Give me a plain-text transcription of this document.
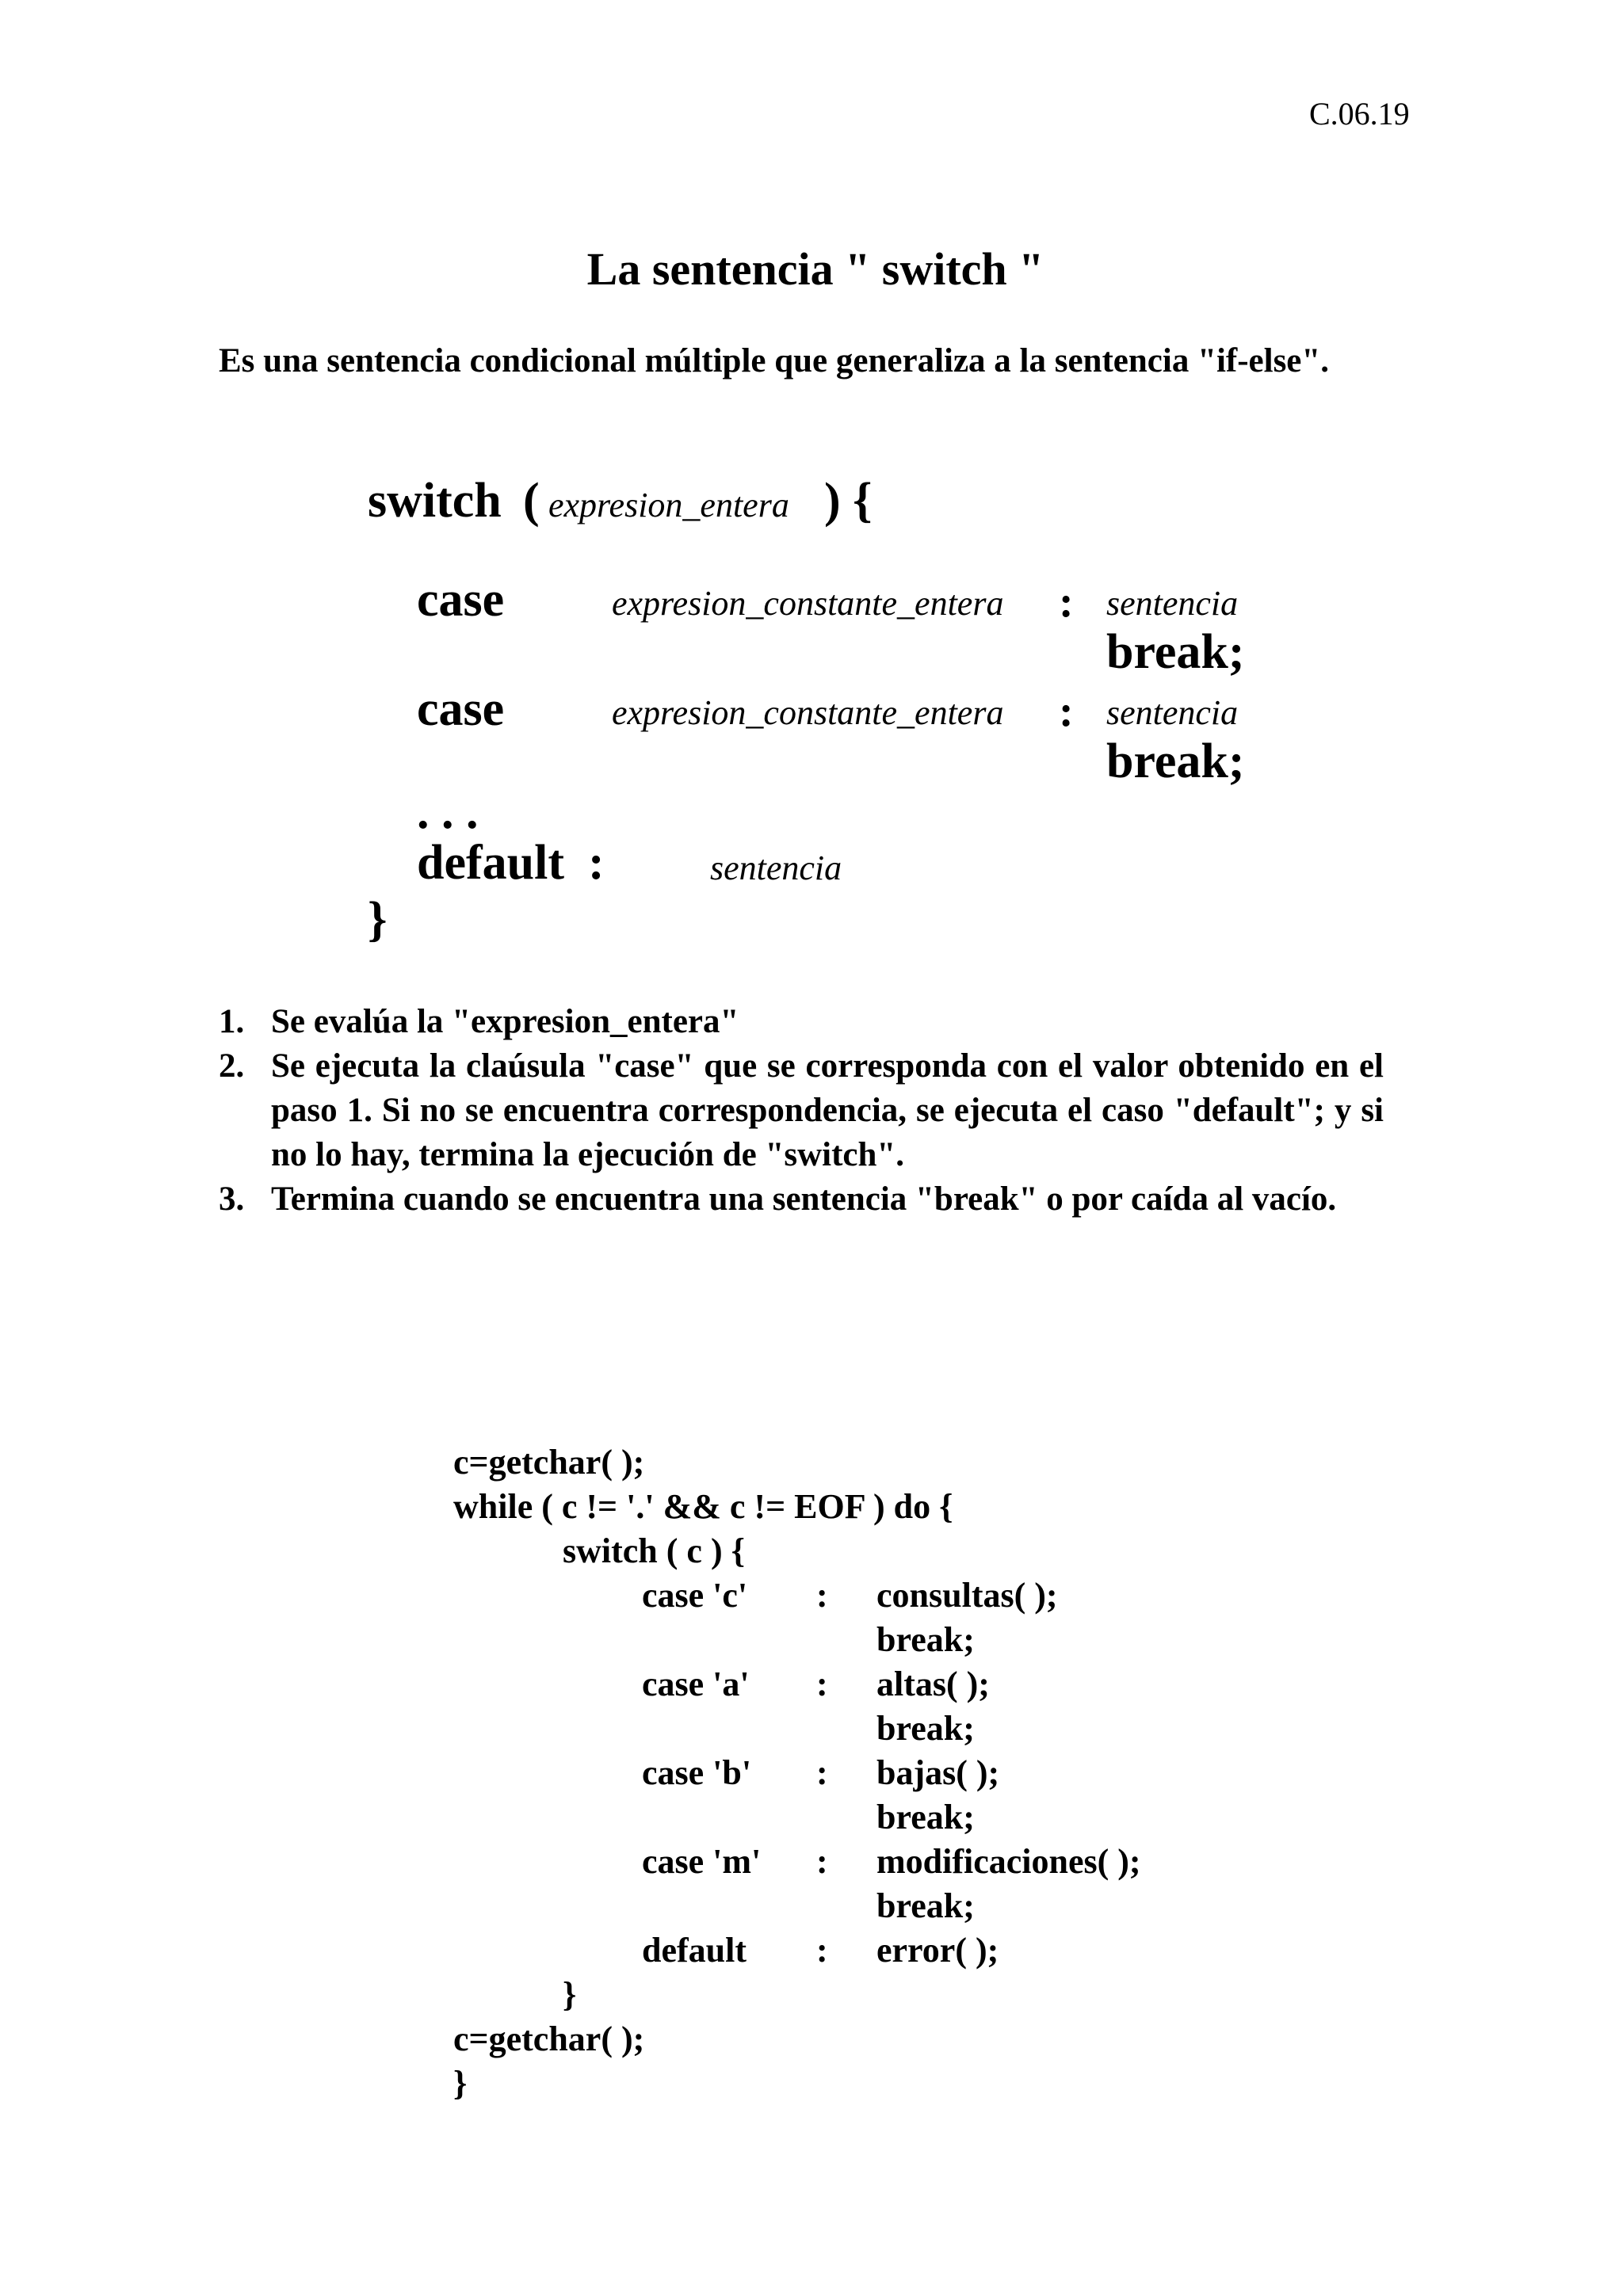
C.06.19
La sentencia " switch "
Es una sentencia condicional múltiple que generaliza a la sentencia "if-else".
switch ( expresion_entera ) {
case	expresion_constante_entera : sentencia
break;
case	expresion_constante_entera : sentencia
break;
. . .
default :	sentencia
}
1. Se evalúa la "expresion_entera"
2. Se ejecuta la claúsula "case" que se corresponda con el valor obtenido en el paso 1. Si no se encuentra correspondencia, se ejecuta el caso "default"; y si no lo hay, termina la ejecución de "switch".
3. Termina cuando se encuentra una sentencia "break" o por caída al vacío.
c=getchar( );
while ( c != '.' && c != EOF ) do {
switch ( c ) {
case 'c' : consultas( );
break;
case 'a' : altas( );
break;
case 'b' : bajas( );
break;
case 'm' : modificaciones( );
break;
default : error( );
}
c=getchar( );
}
